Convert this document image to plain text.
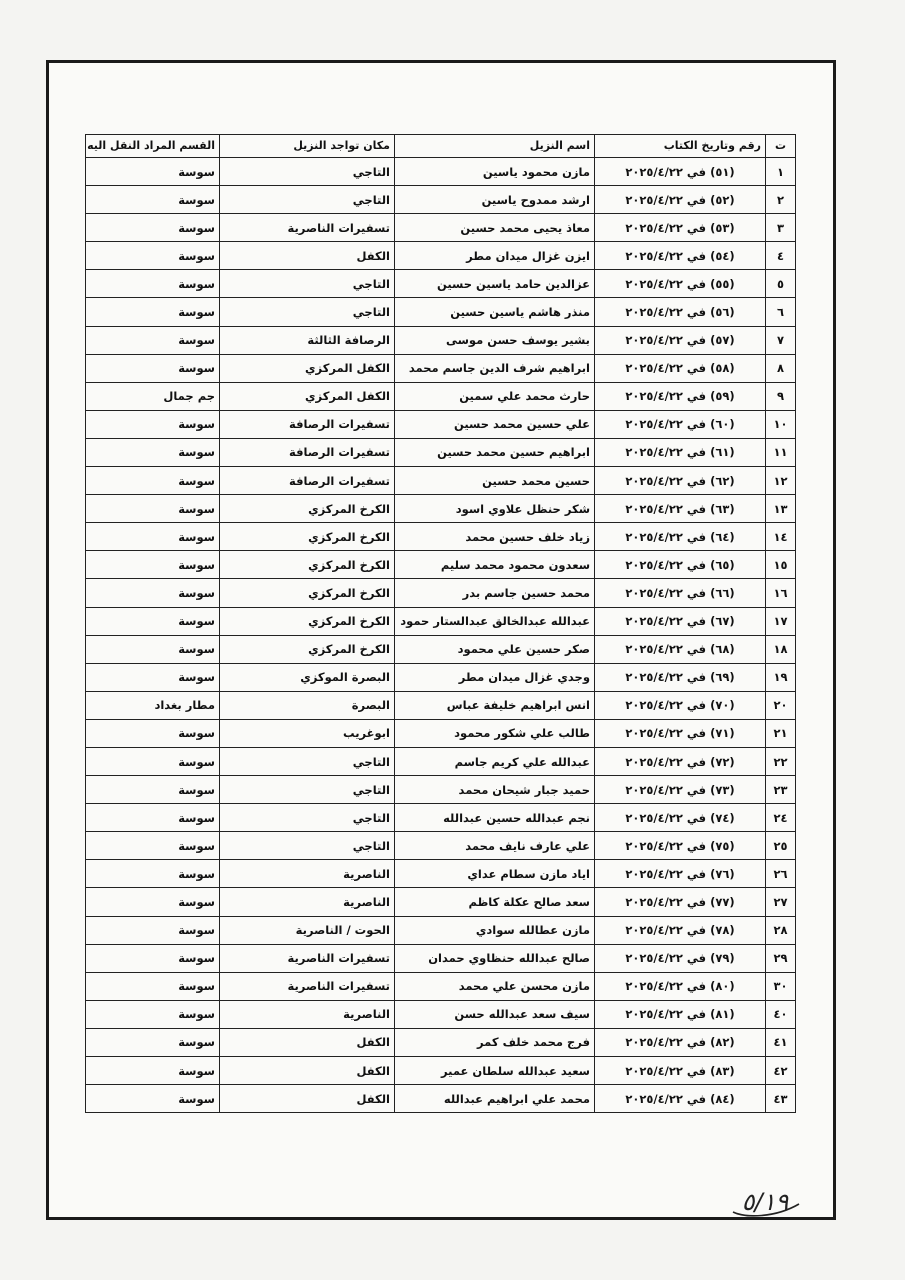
ت	رقم وتاريخ الكتاب	اسم النزيل	مكان تواجد النزيل	القسم المراد النقل اليه
١	(٥١) في ٢٠٢٥/٤/٢٢	مازن محمود ياسين	التاجي	سوسة
٢	(٥٢) في ٢٠٢٥/٤/٢٢	ارشد ممدوح ياسين	التاجي	سوسة
٣	(٥٣) في ٢٠٢٥/٤/٢٢	معاذ يحيى محمد حسين	تسفيرات الناصرية	سوسة
٤	(٥٤) في ٢٠٢٥/٤/٢٢	ايزن غزال ميدان مطر	الكفل	سوسة
٥	(٥٥) في ٢٠٢٥/٤/٢٢	عزالدين حامد ياسين حسين	التاجي	سوسة
٦	(٥٦) في ٢٠٢٥/٤/٢٢	منذر هاشم ياسين حسين	التاجي	سوسة
٧	(٥٧) في ٢٠٢٥/٤/٢٢	بشير يوسف حسن موسى	الرصافة الثالثة	سوسة
٨	(٥٨) في ٢٠٢٥/٤/٢٢	ابراهيم شرف الدين جاسم محمد	الكفل المركزي	سوسة
٩	(٥٩) في ٢٠٢٥/٤/٢٢	حارث محمد علي سمين	الكفل المركزي	جم جمال
١٠	(٦٠) في ٢٠٢٥/٤/٢٢	علي حسين محمد حسين	تسفيرات الرصافة	سوسة
١١	(٦١) في ٢٠٢٥/٤/٢٢	ابراهيم حسين محمد حسين	تسفيرات الرصافة	سوسة
١٢	(٦٢) في ٢٠٢٥/٤/٢٢	حسين محمد حسين	تسفيرات الرصافة	سوسة
١٣	(٦٣) في ٢٠٢٥/٤/٢٢	شكر حنظل علاوي اسود	الكرخ المركزي	سوسة
١٤	(٦٤) في ٢٠٢٥/٤/٢٢	زياد خلف حسين محمد	الكرخ المركزي	سوسة
١٥	(٦٥) في ٢٠٢٥/٤/٢٢	سعدون محمود محمد سليم	الكرخ المركزي	سوسة
١٦	(٦٦) في ٢٠٢٥/٤/٢٢	محمد حسين جاسم بدر	الكرخ المركزي	سوسة
١٧	(٦٧) في ٢٠٢٥/٤/٢٢	عبدالله عبدالخالق عبدالستار حمود	الكرخ المركزي	سوسة
١٨	(٦٨) في ٢٠٢٥/٤/٢٢	صكر حسين علي محمود	الكرخ المركزي	سوسة
١٩	(٦٩) في ٢٠٢٥/٤/٢٢	وجدي غزال ميدان مطر	البصرة الموكزي	سوسة
٢٠	(٧٠) في ٢٠٢٥/٤/٢٢	انس ابراهيم خليفة عباس	البصرة	مطار بغداد
٢١	(٧١) في ٢٠٢٥/٤/٢٢	طالب علي شكور محمود	ابوغريب	سوسة
٢٢	(٧٢) في ٢٠٢٥/٤/٢٢	عبدالله علي كريم جاسم	التاجي	سوسة
٢٣	(٧٣) في ٢٠٢٥/٤/٢٢	حميد جبار شيحان محمد	التاجي	سوسة
٢٤	(٧٤) في ٢٠٢٥/٤/٢٢	نجم عبدالله حسين عبدالله	التاجي	سوسة
٢٥	(٧٥) في ٢٠٢٥/٤/٢٢	علي عارف نايف محمد	التاجي	سوسة
٢٦	(٧٦) في ٢٠٢٥/٤/٢٢	اياد مازن سطام عداي	الناصرية	سوسة
٢٧	(٧٧) في ٢٠٢٥/٤/٢٢	سعد صالح عكلة كاظم	الناصرية	سوسة
٢٨	(٧٨) في ٢٠٢٥/٤/٢٢	مازن عطالله سوادي	الحوت / الناصرية	سوسة
٢٩	(٧٩) في ٢٠٢٥/٤/٢٢	صالح عبدالله حنظاوي حمدان	تسفيرات الناصرية	سوسة
٣٠	(٨٠) في ٢٠٢٥/٤/٢٢	مازن محسن علي محمد	تسفيرات الناصرية	سوسة
٤٠	(٨١) في ٢٠٢٥/٤/٢٢	سيف سعد عبدالله حسن	الناصرية	سوسة
٤١	(٨٢) في ٢٠٢٥/٤/٢٢	فرج محمد خلف كمر	الكفل	سوسة
٤٢	(٨٣) في ٢٠٢٥/٤/٢٢	سعيد عبدالله سلطان عمير	الكفل	سوسة
٤٣	(٨٤) في ٢٠٢٥/٤/٢٢	محمد علي ابراهيم عبدالله	الكفل	سوسة
٥/١٩
